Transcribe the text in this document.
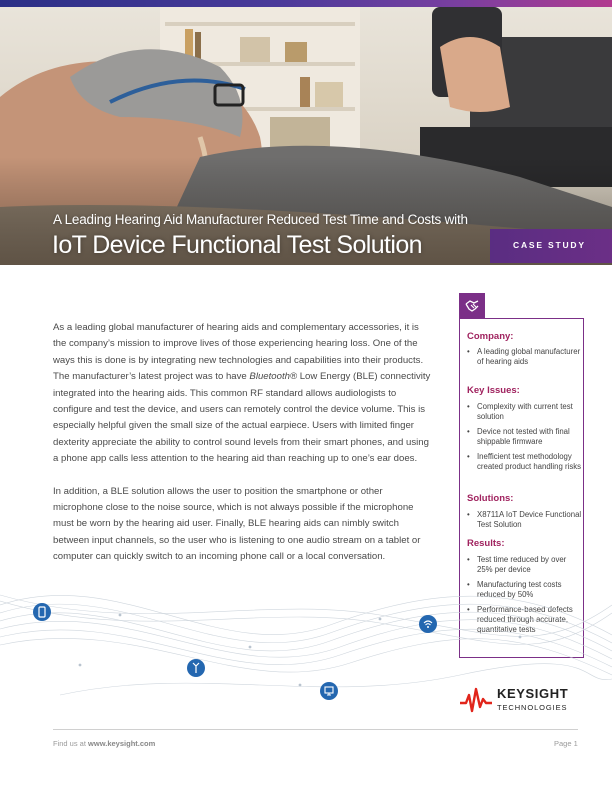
A Leading Hearing Aid Manufacturer Reduced Test Time and Costs with
IoT Device Functional Test Solution	CASE STUDY

As a leading global manufacturer of hearing aids and complementary accessories, it is the company’s mission to improve lives of those experiencing hearing loss. One of the ways this is done is by integrating new technologies and capabilities into their products. The manufacturer’s latest project was to have Bluetooth® Low Energy (BLE) connectivity integrated into the hearing aids. This common RF standard allows audiologists to configure and test the device, and users can remotely control the device volume. This is especially helpful given the small size of the actual earpiece. Users with limited finger dexterity appreciate the ability to control sound levels from their smart phones, and using a phone app calls less attention to the hearing aid than reaching up to one’s ear does.

In addition, a BLE solution allows the user to position the smartphone or other microphone close to the noise source, which is not always possible if the microphone must be worn by the hearing aid user. Finally, BLE hearing aids can nimbly switch between input channels, so the user who is listening to one audio stream on a tablet or computer can quickly switch to an incoming phone call or a local conversation.

Company:
• A leading global manufacturer of hearing aids
Key Issues:
• Complexity with current test solution
• Device not tested with final shippable firmware
• Inefficient test methodology created product handling risks
Solutions:
• X8711A IoT Device Functional Test Solution
Results:
• Test time reduced by over 25% per device
• Manufacturing test costs reduced by 50%
• Performance-based defects reduced through accurate, quantitative tests
KEYSIGHT
TECHNOLOGIES
Find us at www.keysight.com	Page 1
